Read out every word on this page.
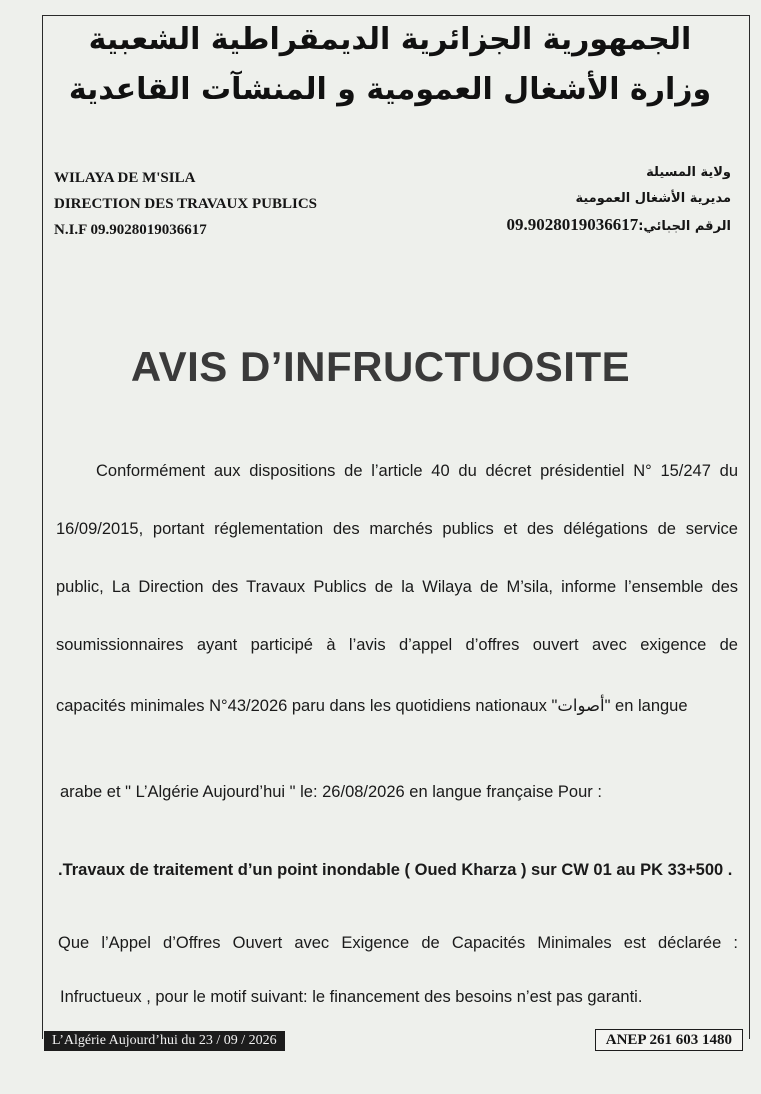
الجمهورية الجزائرية الديمقراطية الشعبية
وزارة الأشغال العمومية و المنشآت القاعدية
WILAYA DE M'SILA
DIRECTION DES TRAVAUX PUBLICS
N.I.F 09.9028019036617
ولاية المسيلة
مديرية الأشغال العمومية
09.9028019036617الرقم الجبائي:
AVIS D’INFRUCTUOSITE
Conformément aux dispositions de l’article 40 du décret présidentiel N° 15/247 du
16/09/2015, portant réglementation des marchés publics et des délégations de service
public, La Direction des Travaux Publics de la Wilaya de M’sila, informe l’ensemble des
soumissionnaires ayant participé à l’avis d’appel d’offres ouvert avec exigence de
capacités minimales N°43/2026 paru dans les quotidiens nationaux "أصوات" en langue
arabe et " L’Algérie Aujourd’hui " le: 26/08/2026 en langue française Pour :
.Travaux de traitement d’un point inondable ( Oued Kharza ) sur CW 01 au PK 33+500 .
Que l’Appel d’Offres Ouvert avec Exigence de Capacités Minimales est déclarée :
Infructueux , pour le motif suivant: le financement des besoins n’est pas garanti.
L’Algérie Aujourd’hui du 23 / 09 / 2026	ANEP 261 603 1480
